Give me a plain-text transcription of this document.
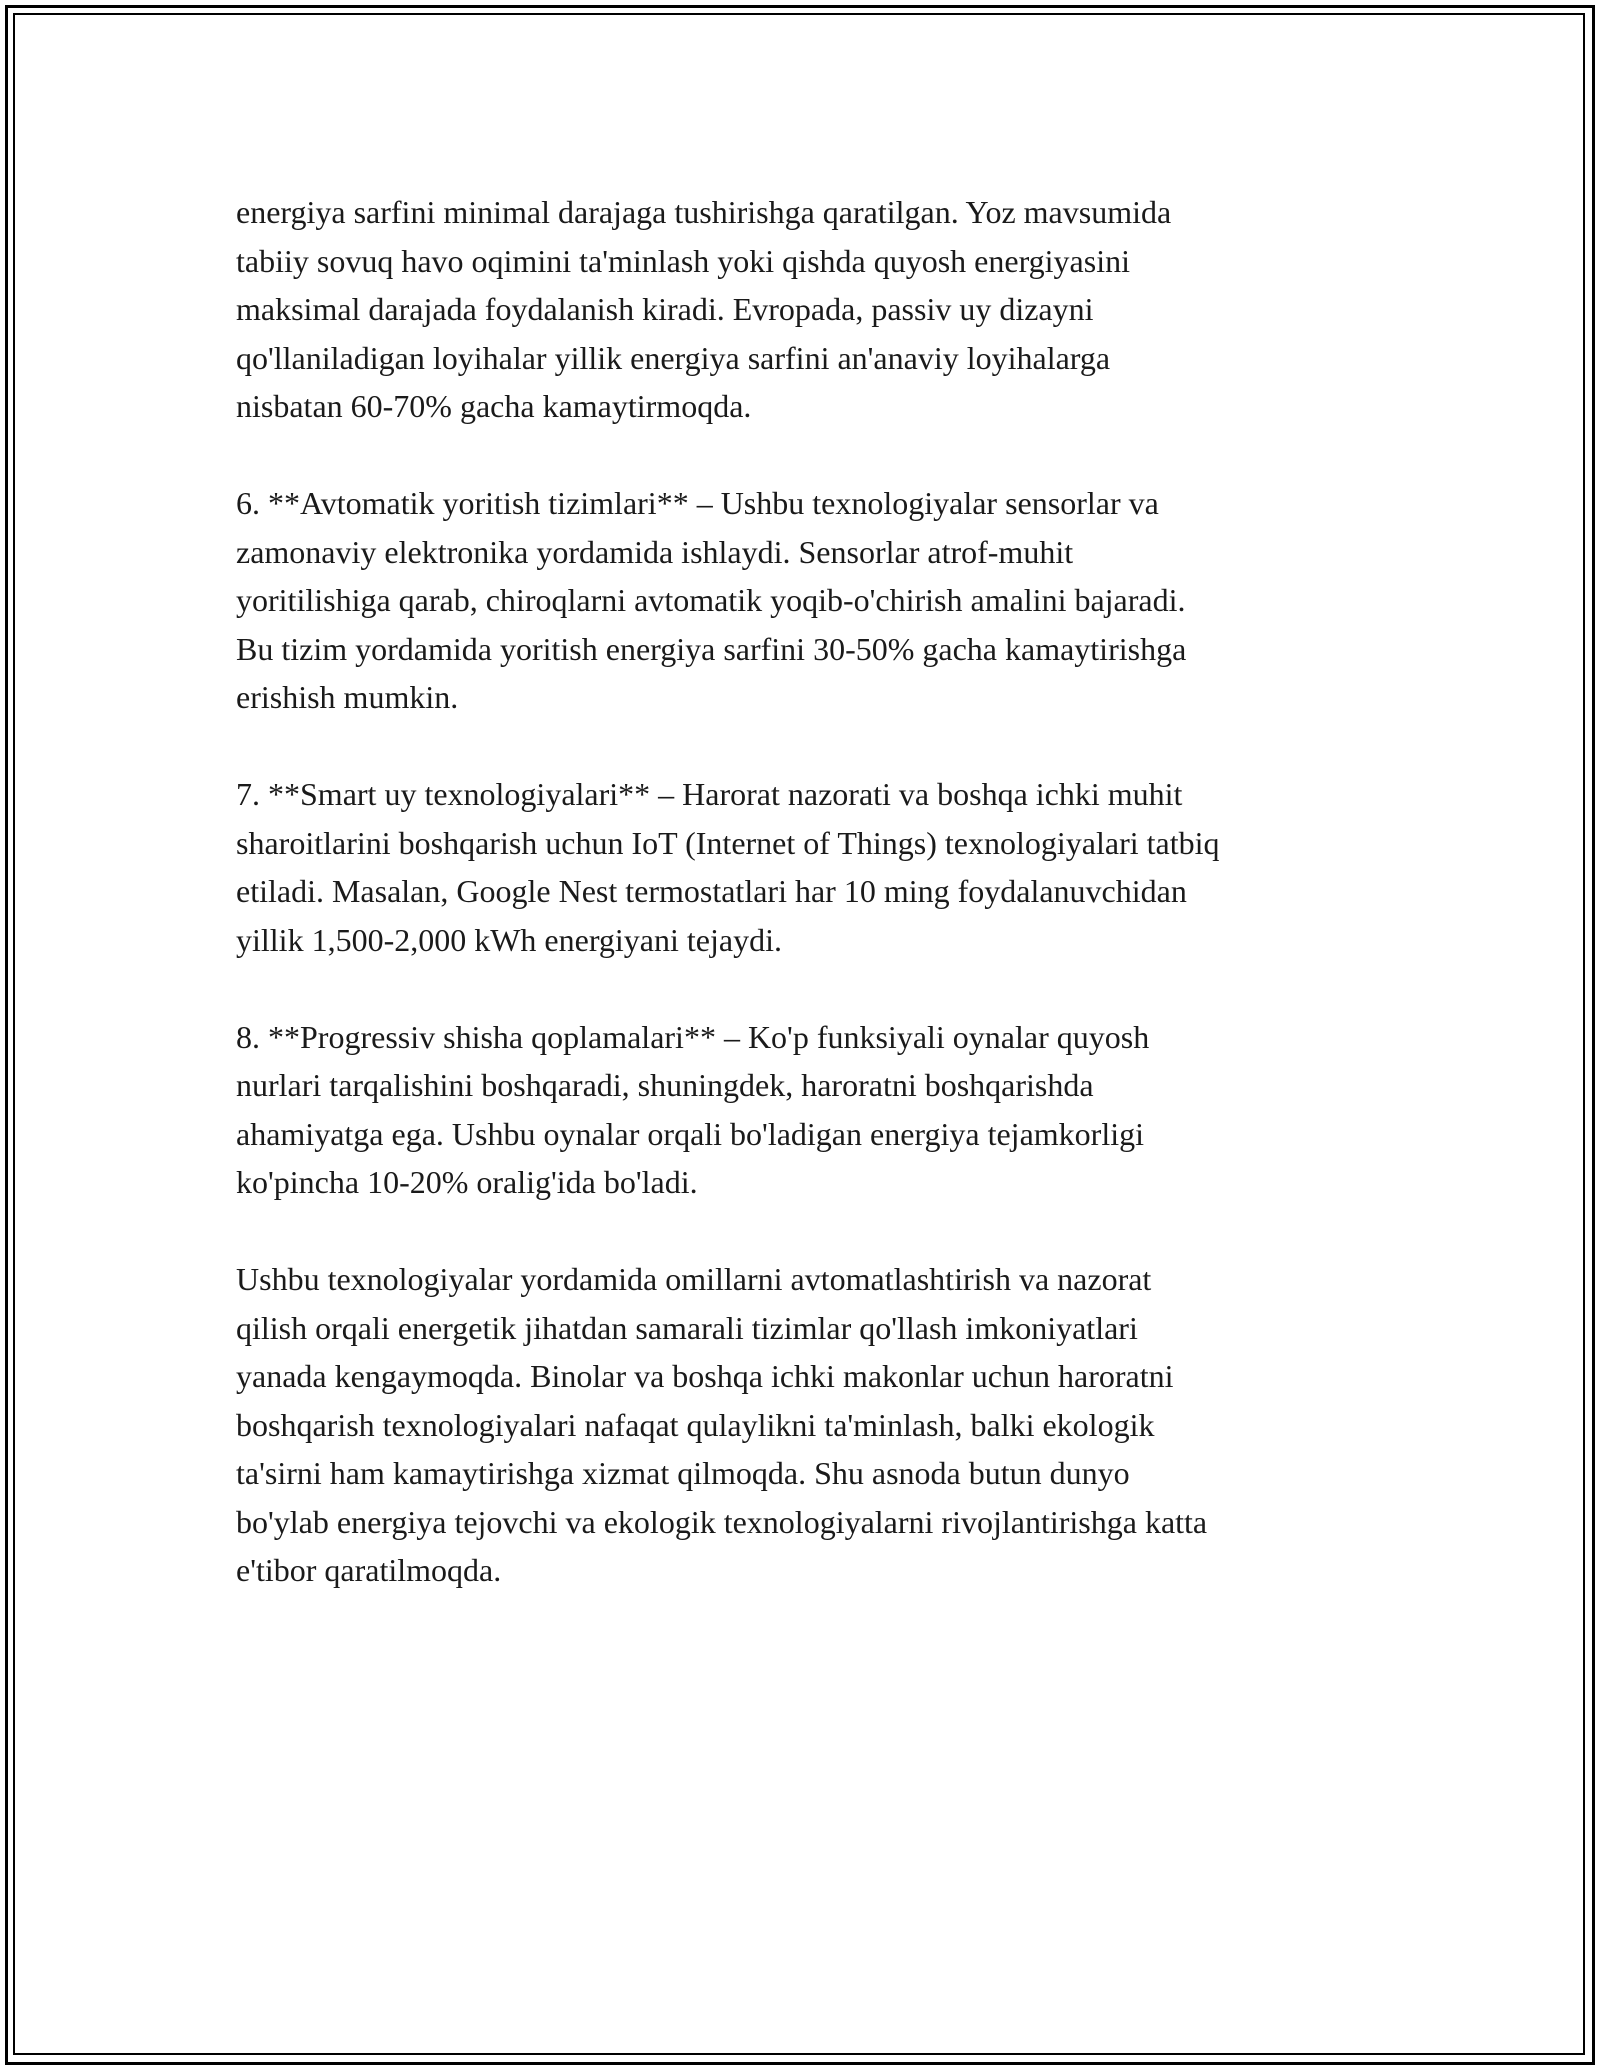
energiya sarfini minimal darajaga tushirishga qaratilgan. Yoz mavsumida
tabiiy sovuq havo oqimini ta'minlash yoki qishda quyosh energiyasini
maksimal darajada foydalanish kiradi. Evropada, passiv uy dizayni
qo'llaniladigan loyihalar yillik energiya sarfini an'anaviy loyihalarga
nisbatan 60-70% gacha kamaytirmoqda.

6. **Avtomatik yoritish tizimlari** – Ushbu texnologiyalar sensorlar va
zamonaviy elektronika yordamida ishlaydi. Sensorlar atrof-muhit
yoritilishiga qarab, chiroqlarni avtomatik yoqib-o'chirish amalini bajaradi.
Bu tizim yordamida yoritish energiya sarfini 30-50% gacha kamaytirishga
erishish mumkin.

7. **Smart uy texnologiyalari** – Harorat nazorati va boshqa ichki muhit
sharoitlarini boshqarish uchun IoT (Internet of Things) texnologiyalari tatbiq
etiladi. Masalan, Google Nest termostatlari har 10 ming foydalanuvchidan
yillik 1,500-2,000 kWh energiyani tejaydi.

8. **Progressiv shisha qoplamalari** – Ko'p funksiyali oynalar quyosh
nurlari tarqalishini boshqaradi, shuningdek, haroratni boshqarishda
ahamiyatga ega. Ushbu oynalar orqali bo'ladigan energiya tejamkorligi
ko'pincha 10-20% oralig'ida bo'ladi.

Ushbu texnologiyalar yordamida omillarni avtomatlashtirish va nazorat
qilish orqali energetik jihatdan samarali tizimlar qo'llash imkoniyatlari
yanada kengaymoqda. Binolar va boshqa ichki makonlar uchun haroratni
boshqarish texnologiyalari nafaqat qulaylikni ta'minlash, balki ekologik
ta'sirni ham kamaytirishga xizmat qilmoqda. Shu asnoda butun dunyo
bo'ylab energiya tejovchi va ekologik texnologiyalarni rivojlantirishga katta
e'tibor qaratilmoqda.
